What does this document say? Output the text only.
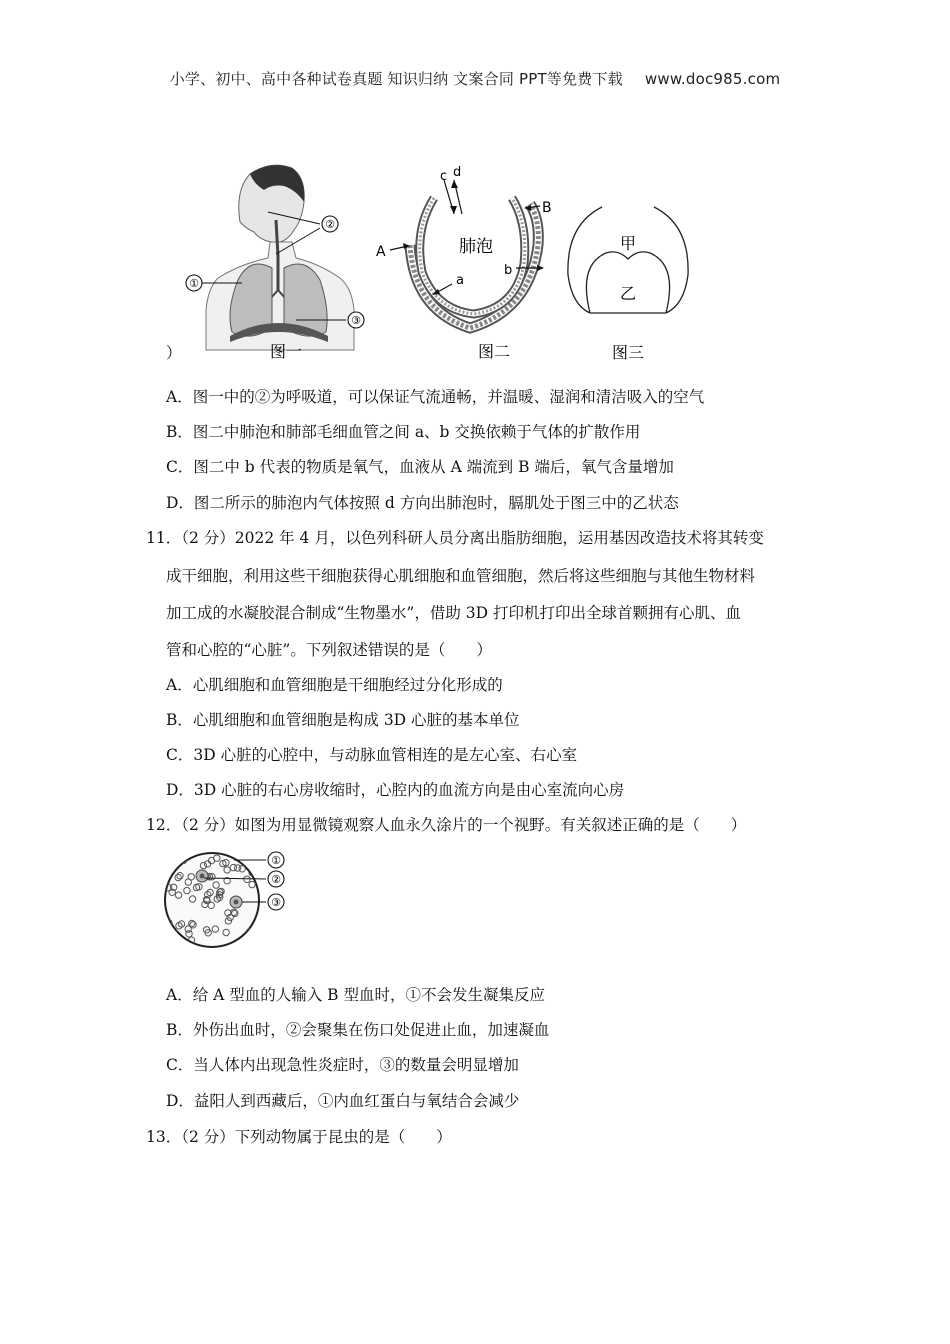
小学、初中、高中各种试卷真题 知识归纳 文案合同 PPT等免费下载 www.doc985.com
①
②
③
图一
c d
A
B
a
b
肺泡
图二
甲
乙
图三
）
A．图一中的②为呼吸道，可以保证气流通畅，并温暖、湿润和清洁吸入的空气
B．图二中肺泡和肺部毛细血管之间 a、b 交换依赖于气体的扩散作用
C．图二中 b 代表的物质是氧气，血液从 A 端流到 B 端后，氧气含量增加
D．图二所示的肺泡内气体按照 d 方向出肺泡时，膈肌处于图三中的乙状态
11．（2 分）2022 年 4 月，以色列科研人员分离出脂肪细胞，运用基因改造技术将其转变
成干细胞，利用这些干细胞获得心肌细胞和血管细胞，然后将这些细胞与其他生物材料
加工成的水凝胶混合制成“生物墨水”，借助 3D 打印机打印出全球首颗拥有心肌、血
管和心腔的“心脏”。下列叙述错误的是（　　）
A．心肌细胞和血管细胞是干细胞经过分化形成的
B．心肌细胞和血管细胞是构成 3D 心脏的基本单位
C．3D 心脏的心腔中，与动脉血管相连的是左心室、右心室
D．3D 心脏的右心房收缩时，心腔内的血流方向是由心室流向心房
12．（2 分）如图为用显微镜观察人血永久涂片的一个视野。有关叙述正确的是（　　）
①
②
③
A．给 A 型血的人输入 B 型血时，①不会发生凝集反应
B．外伤出血时，②会聚集在伤口处促进止血，加速凝血
C．当人体内出现急性炎症时，③的数量会明显增加
D．益阳人到西藏后，①内血红蛋白与氧结合会减少
13．（2 分）下列动物属于昆虫的是（　　）
